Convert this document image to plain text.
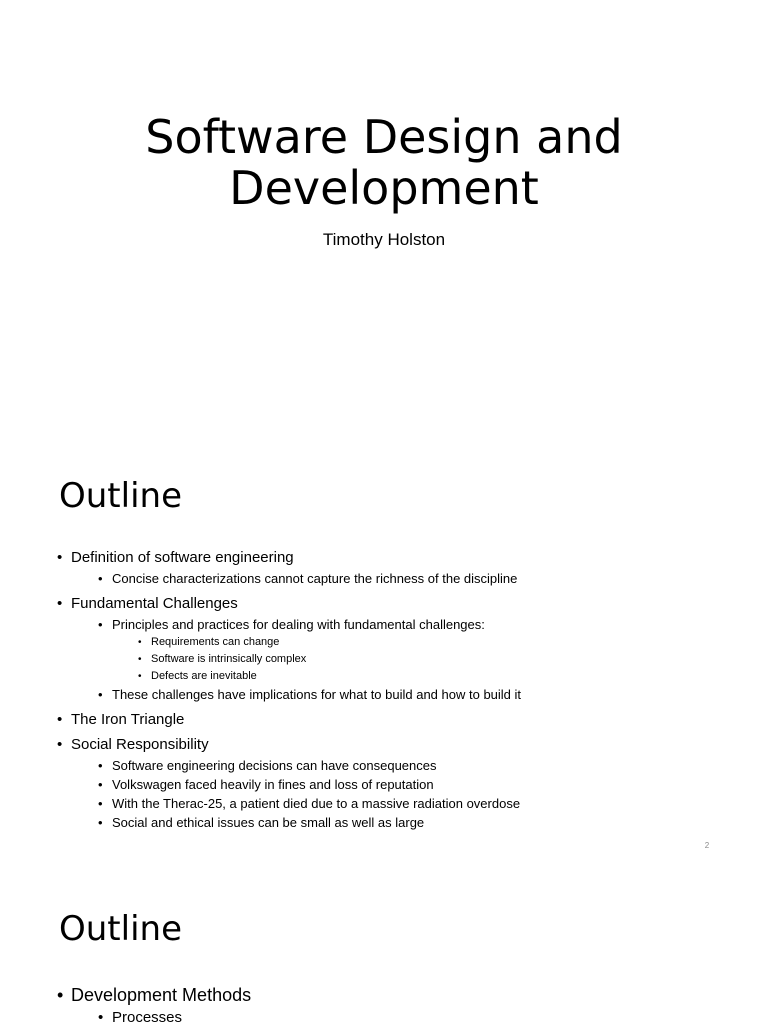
Software Design and
Development
Timothy Holston
Outline
• Definition of software engineering
• Concise characterizations cannot capture the richness of the discipline
• Fundamental Challenges
• Principles and practices for dealing with fundamental challenges:
• Requirements can change
• Software is intrinsically complex
• Defects are inevitable
• These challenges have implications for what to build and how to build it
• The Iron Triangle
• Social Responsibility
• Software engineering decisions can have consequences
• Volkswagen faced heavily in fines and loss of reputation
• With the Therac-25, a patient died due to a massive radiation overdose
• Social and ethical issues can be small as well as large
2
Outline
• Development Methods
• Processes
